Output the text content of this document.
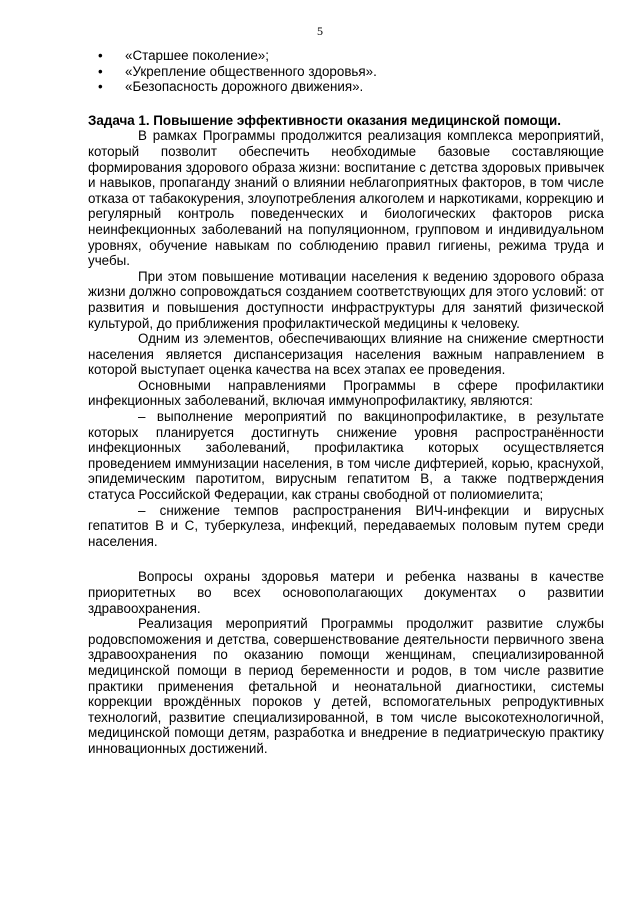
5
• «Старшее поколение»;
• «Укрепление общественного здоровья».
• «Безопасность дорожного движения».
Задача 1. Повышение эффективности оказания медицинской помощи.

В рамках Программы продолжится реализация комплекса мероприятий, который позволит обеспечить необходимые базовые составляющие формирования здорового образа жизни: воспитание с детства здоровых привычек и навыков, пропаганду знаний о влиянии неблагоприятных факторов, в том числе отказа от табакокурения, злоупотребления алкоголем и наркотиками, коррекцию и регулярный контроль поведенческих и биологических факторов риска неинфекционных заболеваний на популяционном, групповом и индивидуальном уровнях, обучение навыкам по соблюдению правил гигиены, режима труда и учебы.

При этом повышение мотивации населения к ведению здорового образа жизни должно сопровождаться созданием соответствующих для этого условий: от развития и повышения доступности инфраструктуры для занятий физической культурой, до приближения профилактической медицины к человеку.

Одним из элементов, обеспечивающих влияние на снижение смертности населения является диспансеризация населения важным направлением в которой выступает оценка качества на всех этапах ее проведения.

Основными направлениями Программы в сфере профилактики инфекционных заболеваний, включая иммунопрофилактику, являются:

– выполнение мероприятий по вакцинопрофилактике, в результате которых планируется достигнуть снижение уровня распространённости инфекционных заболеваний, профилактика которых осуществляется проведением иммунизации населения, в том числе дифтерией, корью, краснухой, эпидемическим паротитом, вирусным гепатитом В, а также подтверждения статуса Российской Федерации, как страны свободной от полиомиелита;

– снижение темпов распространения ВИЧ-инфекции и вирусных гепатитов В и С, туберкулеза, инфекций, передаваемых половым путем среди населения.

Вопросы охраны здоровья матери и ребенка названы в качестве приоритетных во всех основополагающих документах о развитии здравоохранения.

Реализация мероприятий Программы продолжит развитие службы родовспоможения и детства, совершенствование деятельности первичного звена здравоохранения по оказанию помощи женщинам, специализированной медицинской помощи в период беременности и родов, в том числе развитие практики применения фетальной и неонатальной диагностики, системы коррекции врождённых пороков у детей, вспомогательных репродуктивных технологий, развитие специализированной, в том числе высокотехнологичной, медицинской помощи детям, разработка и внедрение в педиатрическую практику инновационных достижений.
